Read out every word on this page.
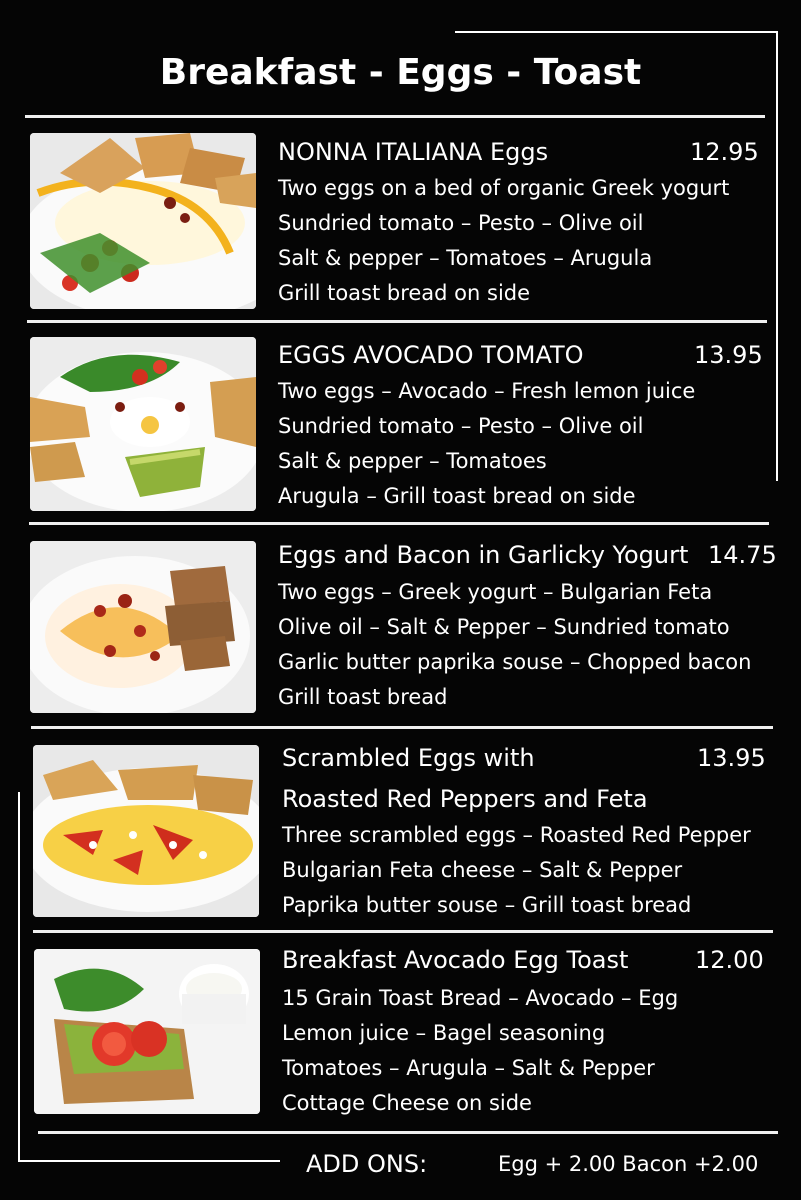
Breakfast - Eggs - Toast
NONNA ITALIANA Eggs	12.95
Two eggs on a bed of organic Greek yogurt
Sundried tomato – Pesto – Olive oil
Salt & pepper – Tomatoes – Arugula
Grill toast bread on side
EGGS AVOCADO TOMATO	13.95
Two eggs – Avocado – Fresh lemon juice
Sundried tomato – Pesto – Olive oil
Salt & pepper – Tomatoes
Arugula – Grill toast bread on side
Eggs and Bacon in Garlicky Yogurt 14.75
Two eggs – Greek yogurt – Bulgarian Feta
Olive oil – Salt & Pepper – Sundried tomato
Garlic butter paprika souse – Chopped bacon
Grill toast bread
Scrambled Eggs with
Roasted Red Peppers and Feta
13.95
Three scrambled eggs – Roasted Red Pepper
Bulgarian Feta cheese – Salt & Pepper
Paprika butter souse – Grill toast bread
Breakfast Avocado Egg Toast	12.00
15 Grain Toast Bread – Avocado – Egg
Lemon juice – Bagel seasoning
Tomatoes – Arugula – Salt & Pepper
Cottage Cheese on side
ADD ONS:	Egg + 2.00 Bacon +2.00
